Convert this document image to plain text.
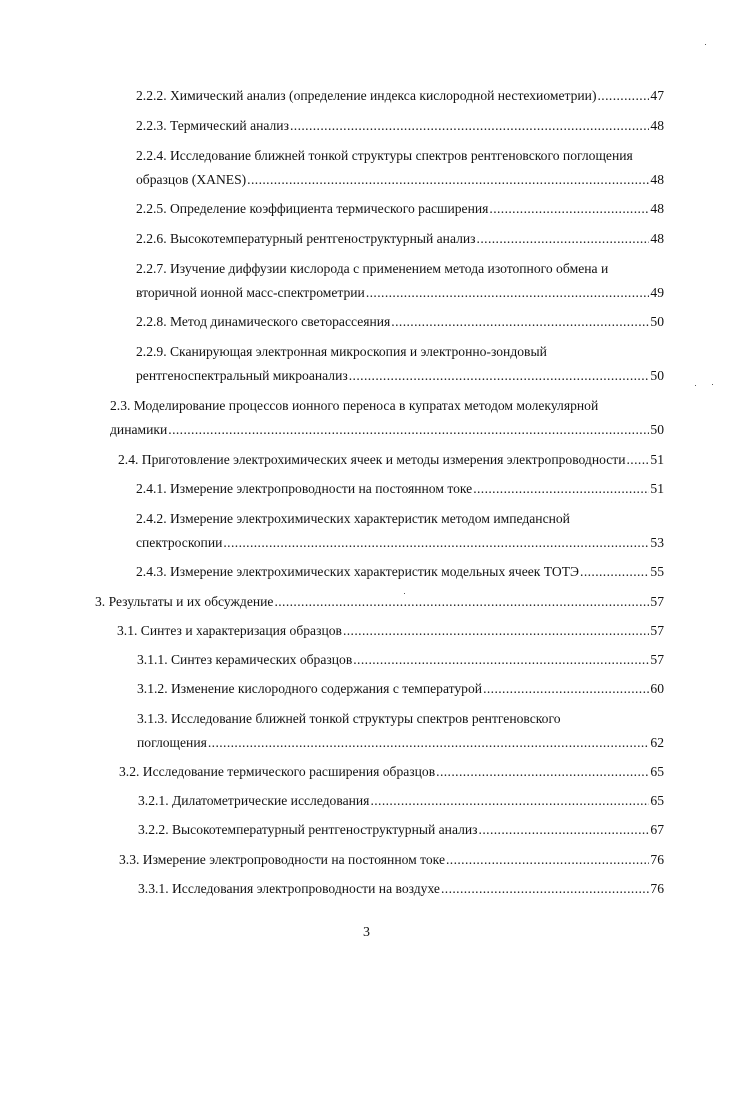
2.2.2. Химический анализ (определение индекса кислородной нестехиометрии) .....	47
2.2.3. Термический анализ .....	48
2.2.4. Исследование ближней тонкой структуры спектров рентгеновского поглощения
образцов (XANES) .....	48
2.2.5. Определение коэффициента термического расширения .....	48
2.2.6. Высокотемпературный рентгеноструктурный анализ .....	48
2.2.7. Изучение диффузии кислорода с применением метода изотопного обмена и
вторичной ионной масс-спектрометрии .....	49
2.2.8. Метод динамического светорассеяния .....	50
2.2.9. Сканирующая электронная микроскопия и электронно-зондовый
рентгеноспектральный микроанализ .....	50
2.3. Моделирование процессов ионного переноса в купратах методом молекулярной
динамики .....	50
2.4. Приготовление электрохимических ячеек и методы измерения электропроводности ..... 51
2.4.1. Измерение электропроводности на постоянном токе .....	51
2.4.2. Измерение электрохимических характеристик методом импедансной
спектроскопии .....	53
2.4.3. Измерение электрохимических характеристик модельных ячеек ТОТЭ .....	55
3. Результаты и их обсуждение .....	57
3.1. Синтез и характеризация образцов .....	57
3.1.1. Синтез керамических образцов .....	57
3.1.2. Изменение кислородного содержания с температурой .....	60
3.1.3. Исследование ближней тонкой структуры спектров рентгеновского
поглощения .....	62
3.2. Исследование термического расширения образцов .....	65
3.2.1. Дилатометрические исследования .....	65
3.2.2. Высокотемпературный рентгеноструктурный анализ .....	67
3.3. Измерение электропроводности на постоянном токе .....	76
3.3.1. Исследования электропроводности на воздухе .....	76
3
